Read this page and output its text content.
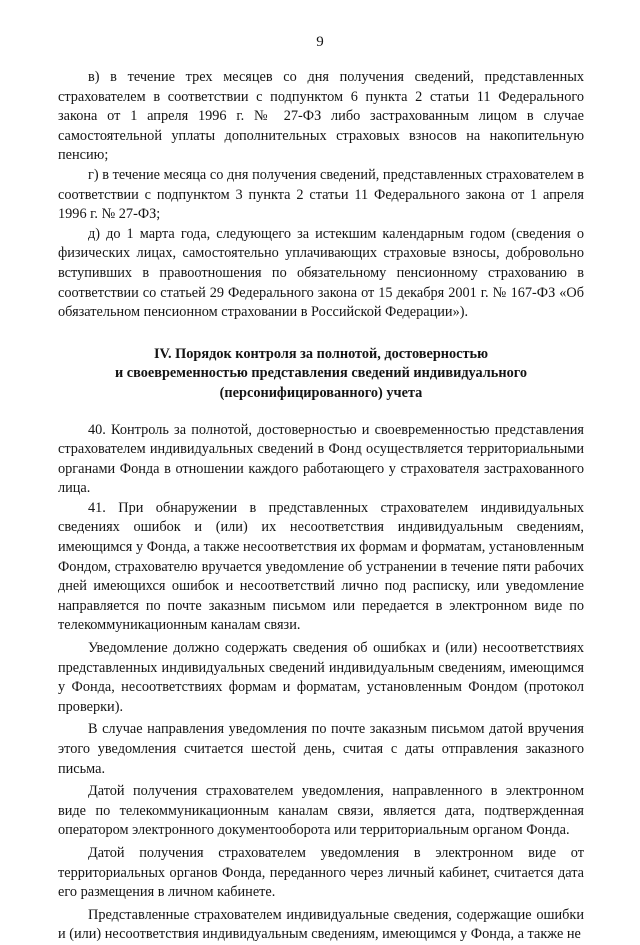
9

в) в течение трех месяцев со дня получения сведений, представленных страхователем в соответствии с подпунктом 6 пункта 2 статьи 11 Федерального закона от 1 апреля 1996 г. № 27-ФЗ либо застрахованным лицом в случае самостоятельной уплаты дополнительных страховых взносов на накопительную пенсию;

г) в течение месяца со дня получения сведений, представленных страхователем в соответствии с подпунктом 3 пункта 2 статьи 11 Федерального закона от 1 апреля 1996 г. № 27-ФЗ;

д) до 1 марта года, следующего за истекшим календарным годом (сведения о физических лицах, самостоятельно уплачивающих страховые взносы, добровольно вступивших в правоотношения по обязательному пенсионному страхованию в соответствии со статьей 29 Федерального закона от 15 декабря 2001 г. № 167-ФЗ «Об обязательном пенсионном страховании в Российской Федерации»).

IV. Порядок контроля за полнотой, достоверностью
и своевременностью представления сведений индивидуального
(персонифицированного) учета

40. Контроль за полнотой, достоверностью и своевременностью представления страхователем индивидуальных сведений в Фонд осуществляется территориальными органами Фонда в отношении каждого работающего у страхователя застрахованного лица.

41. При обнаружении в представленных страхователем индивидуальных сведениях ошибок и (или) их несоответствия индивидуальным сведениям, имеющимся у Фонда, а также несоответствия их формам и форматам, установленным Фондом, страхователю вручается уведомление об устранении в течение пяти рабочих дней имеющихся ошибок и несоответствий лично под расписку, или уведомление направляется по почте заказным письмом или передается в электронном виде по телекоммуникационным каналам связи.

Уведомление должно содержать сведения об ошибках и (или) несоответствиях представленных индивидуальных сведений индивидуальным сведениям, имеющимся у Фонда, несоответствиях формам и форматам, установленным Фондом (протокол проверки).

В случае направления уведомления по почте заказным письмом датой вручения этого уведомления считается шестой день, считая с даты отправления заказного письма.

Датой получения страхователем уведомления, направленного в электронном виде по телекоммуникационным каналам связи, является дата, подтвержденная оператором электронного документооборота или территориальным органом Фонда.

Датой получения страхователем уведомления в электронном виде от территориальных органов Фонда, переданного через личный кабинет, считается дата его размещения в личном кабинете.

Представленные страхователем индивидуальные сведения, содержащие ошибки и (или) несоответствия индивидуальным сведениям, имеющимся у Фонда, а также не
